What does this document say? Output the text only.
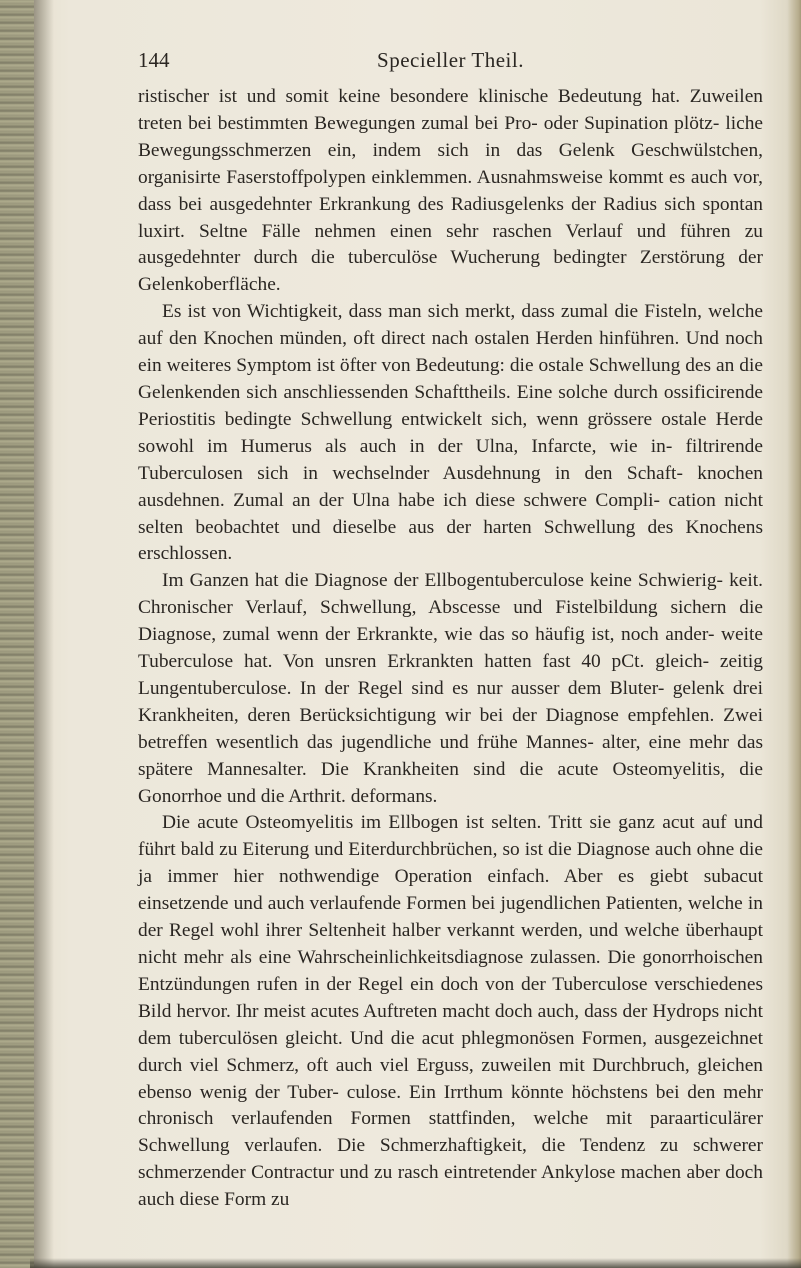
144	Specieller Theil.

ristischer ist und somit keine besondere klinische Bedeutung hat. Zuweilen treten bei bestimmten Bewegungen zumal bei Pro- oder Supination plötz- liche Bewegungsschmerzen ein, indem sich in das Gelenk Geschwülstchen, organisirte Faserstoffpolypen einklemmen. Ausnahmsweise kommt es auch vor, dass bei ausgedehnter Erkrankung des Radiusgelenks der Radius sich spontan luxirt. Seltne Fälle nehmen einen sehr raschen Verlauf und führen zu ausgedehnter durch die tuberculöse Wucherung bedingter Zerstörung der Gelenkoberfläche.

Es ist von Wichtigkeit, dass man sich merkt, dass zumal die Fisteln, welche auf den Knochen münden, oft direct nach ostalen Herden hinführen. Und noch ein weiteres Symptom ist öfter von Bedeutung: die ostale Schwellung des an die Gelenkenden sich anschliessenden Schafttheils. Eine solche durch ossificirende Periostitis bedingte Schwellung entwickelt sich, wenn grössere ostale Herde sowohl im Humerus als auch in der Ulna, Infarcte, wie in- filtrirende Tuberculosen sich in wechselnder Ausdehnung in den Schaft- knochen ausdehnen. Zumal an der Ulna habe ich diese schwere Compli- cation nicht selten beobachtet und dieselbe aus der harten Schwellung des Knochens erschlossen.

Im Ganzen hat die Diagnose der Ellbogentuberculose keine Schwierig- keit. Chronischer Verlauf, Schwellung, Abscesse und Fistelbildung sichern die Diagnose, zumal wenn der Erkrankte, wie das so häufig ist, noch ander- weite Tuberculose hat. Von unsren Erkrankten hatten fast 40 pCt. gleich- zeitig Lungentuberculose. In der Regel sind es nur ausser dem Bluter- gelenk drei Krankheiten, deren Berücksichtigung wir bei der Diagnose empfehlen. Zwei betreffen wesentlich das jugendliche und frühe Mannes- alter, eine mehr das spätere Mannesalter. Die Krankheiten sind die acute Osteomyelitis, die Gonorrhoe und die Arthrit. deformans.

Die acute Osteomyelitis im Ellbogen ist selten. Tritt sie ganz acut auf und führt bald zu Eiterung und Eiterdurchbrüchen, so ist die Diagnose auch ohne die ja immer hier nothwendige Operation einfach. Aber es giebt subacut einsetzende und auch verlaufende Formen bei jugendlichen Patienten, welche in der Regel wohl ihrer Seltenheit halber verkannt werden, und welche überhaupt nicht mehr als eine Wahrscheinlichkeitsdiagnose zulassen. Die gonorrhoischen Entzündungen rufen in der Regel ein doch von der Tuberculose verschiedenes Bild hervor. Ihr meist acutes Auftreten macht doch auch, dass der Hydrops nicht dem tuberculösen gleicht. Und die acut phlegmonösen Formen, ausgezeichnet durch viel Schmerz, oft auch viel Erguss, zuweilen mit Durchbruch, gleichen ebenso wenig der Tuber- culose. Ein Irrthum könnte höchstens bei den mehr chronisch verlaufenden Formen stattfinden, welche mit paraarticulärer Schwellung verlaufen. Die Schmerzhaftigkeit, die Tendenz zu schwerer schmerzender Contractur und zu rasch eintretender Ankylose machen aber doch auch diese Form zu
